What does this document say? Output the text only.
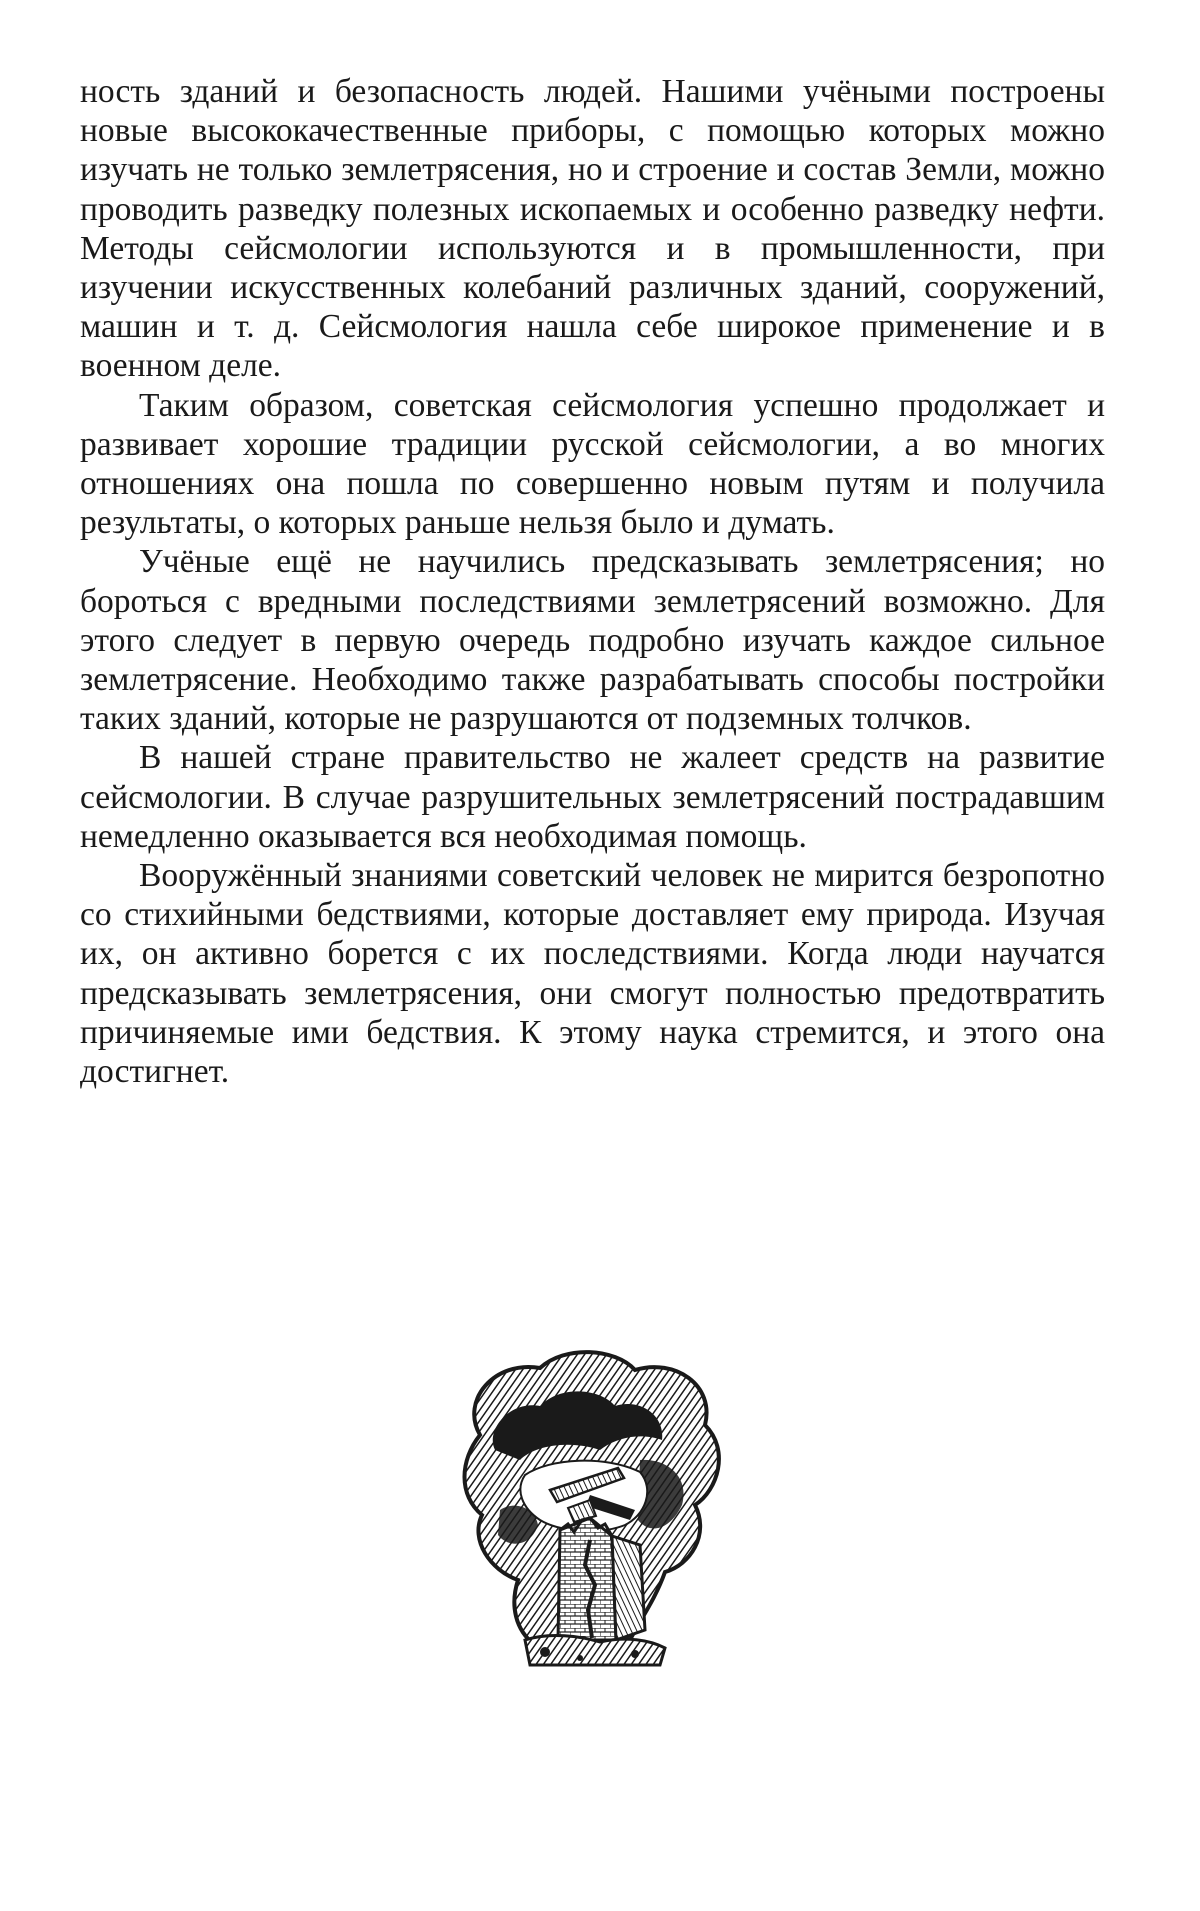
ность зданий и безопасность людей. Нашими учёными построены новые высококачественные приборы, с помощью которых можно изучать не только землетрясения, но и строение и состав Земли, можно проводить разведку полезных ископаемых и особенно разведку нефти. Методы сейсмологии используются и в промышленности, при изучении искусственных колебаний различных зданий, сооружений, машин и т. д. Сейсмология нашла себе широкое применение и в военном деле.

Таким образом, советская сейсмология успешно продолжает и развивает хорошие традиции русской сейсмологии, а во многих отношениях она пошла по совершенно новым путям и получила результаты, о которых раньше нельзя было и думать.

Учёные ещё не научились предсказывать землетрясения; но бороться с вредными последствиями землетрясений возможно. Для этого следует в первую очередь подробно изучать каждое сильное землетрясение. Необходимо также разрабатывать способы постройки таких зданий, которые не разрушаются от подземных толчков.

В нашей стране правительство не жалеет средств на развитие сейсмологии. В случае разрушительных землетрясений пострадавшим немедленно оказывается вся необходимая помощь.

Вооружённый знаниями советский человек не мирится безропотно со стихийными бедствиями, которые доставляет ему природа. Изучая их, он активно борется с их последствиями. Когда люди научатся предсказывать землетрясения, они смогут полностью предотвратить причиняемые ими бедствия. К этому наука стремится, и этого она достигнет.
